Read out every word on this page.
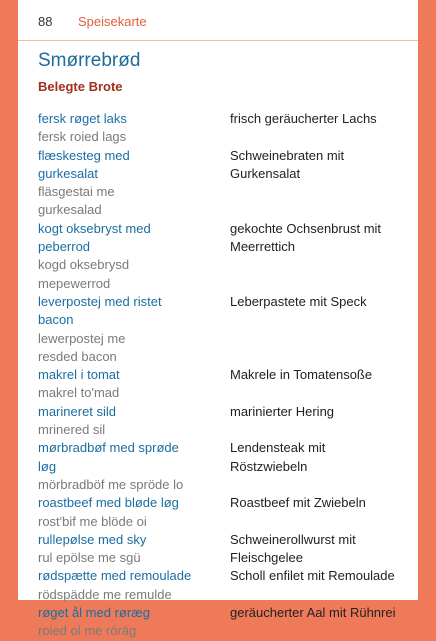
88 Speisekarte
Smørrebrød
Belegte Brote
fersk røget laks
fersk roied lags
frisch geräucherter Lachs
flæskesteg med
gurkesalat
fläsgestai me
gurkesalad
Schweinebraten mit
Gurkensalat
kogt oksebryst med
peberrod
kogd oksebrysd
mepewerrod
gekochte Ochsenbrust mit
Meerrettich
leverpostej med ristet
bacon
lewerpostej me
resded bacon
Leberpastete mit Speck
makrel i tomat
makrel to'mad
Makrele in Tomatensoße
marineret sild
mrinered sil
marinierter Hering
mørbradbøf med sprøde
løg
mörbradböf me spröde lo
Lendensteak mit
Röstzwiebeln
roastbeef med bløde løg
rost'bif me blöde oi
Roastbeef mit Zwiebeln
rullepølse med sky
rul epölse me sgü
Schweinerollwurst mit
Fleischgelee
rødspætte med remoulade
rödspädde me remulde
Scholl enfilet mit Remoulade
røget ål med røræg
roied ol me röräg
geräucherter Aal mit Rühnrei
